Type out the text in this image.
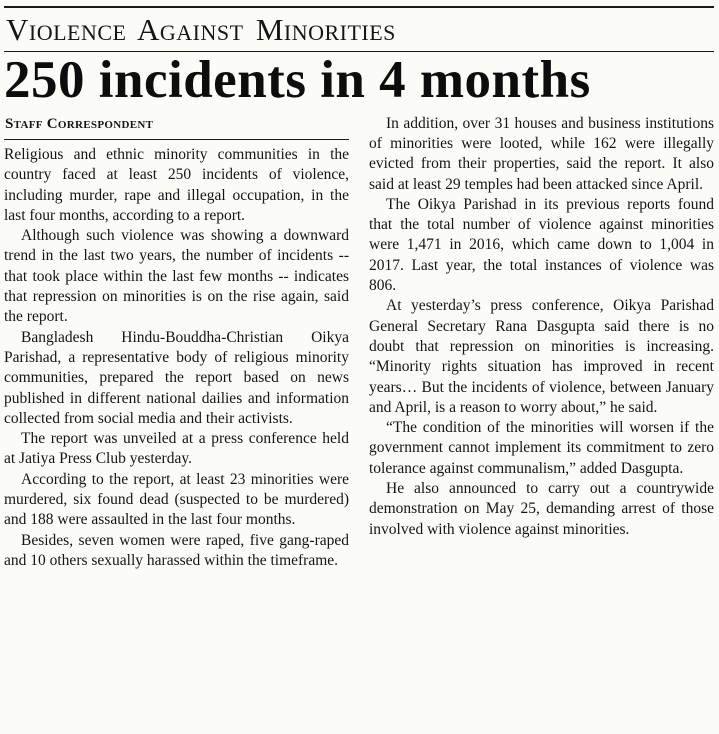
Violence Against Minorities
250 incidents in 4 months
Staff Correspondent

Religious and ethnic minority communities in the country faced at least 250 incidents of violence, including murder, rape and illegal occupation, in the last four months, according to a report.

Although such violence was showing a downward trend in the last two years, the number of incidents -- that took place within the last few months -- indicates that repression on minorities is on the rise again, said the report.

Bangladesh Hindu-Bouddha-Christian Oikya Parishad, a representative body of religious minority communities, prepared the report based on news published in different national dailies and information collected from social media and their activists.

The report was unveiled at a press conference held at Jatiya Press Club yesterday.

According to the report, at least 23 minorities were murdered, six found dead (suspected to be murdered) and 188 were assaulted in the last four months.

Besides, seven women were raped, five gang-raped and 10 others sexually harassed within the timeframe.

In addition, over 31 houses and business institutions of minorities were looted, while 162 were illegally evicted from their properties, said the report. It also said at least 29 temples had been attacked since April.

The Oikya Parishad in its previous reports found that the total number of violence against minorities were 1,471 in 2016, which came down to 1,004 in 2017. Last year, the total instances of violence was 806.

At yesterday’s press conference, Oikya Parishad General Secretary Rana Dasgupta said there is no doubt that repression on minorities is increasing. “Minority rights situation has improved in recent years… But the incidents of violence, between January and April, is a reason to worry about,” he said.

“The condition of the minorities will worsen if the government cannot implement its commitment to zero tolerance against communalism,” added Dasgupta.

He also announced to carry out a countrywide demonstration on May 25, demanding arrest of those involved with violence against minorities.
